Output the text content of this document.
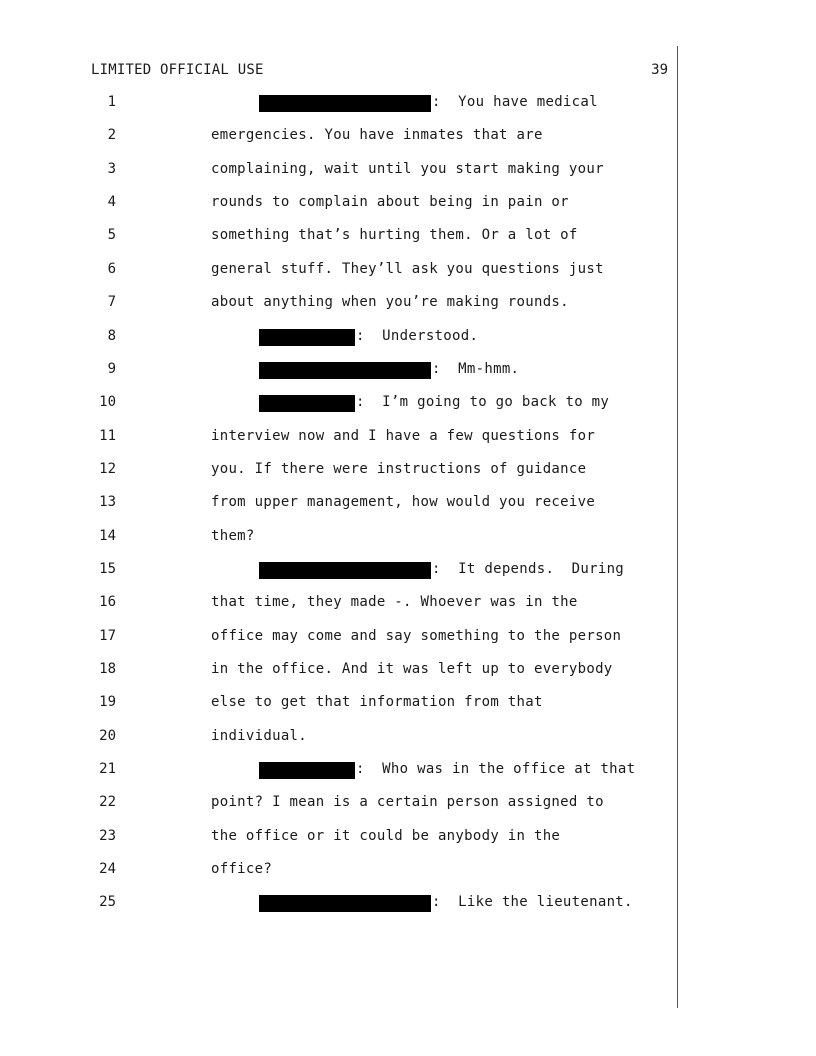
LIMITED OFFICIAL USE	39
1	:  You have medical
2	emergencies. You have inmates that are
3	complaining, wait until you start making your
4	rounds to complain about being in pain or
5	something that’s hurting them. Or a lot of
6	general stuff. They’ll ask you questions just
7	about anything when you’re making rounds.
8	:  Understood.
9	:  Mm-hmm.
10	:  I’m going to go back to my
11	interview now and I have a few questions for
12	you. If there were instructions of guidance
13	from upper management, how would you receive
14	them?
15	:  It depends.  During
16	that time, they made -. Whoever was in the
17	office may come and say something to the person
18	in the office. And it was left up to everybody
19	else to get that information from that
20	individual.
21	:  Who was in the office at that
22	point? I mean is a certain person assigned to
23	the office or it could be anybody in the
24	office?
25	:  Like the lieutenant.
